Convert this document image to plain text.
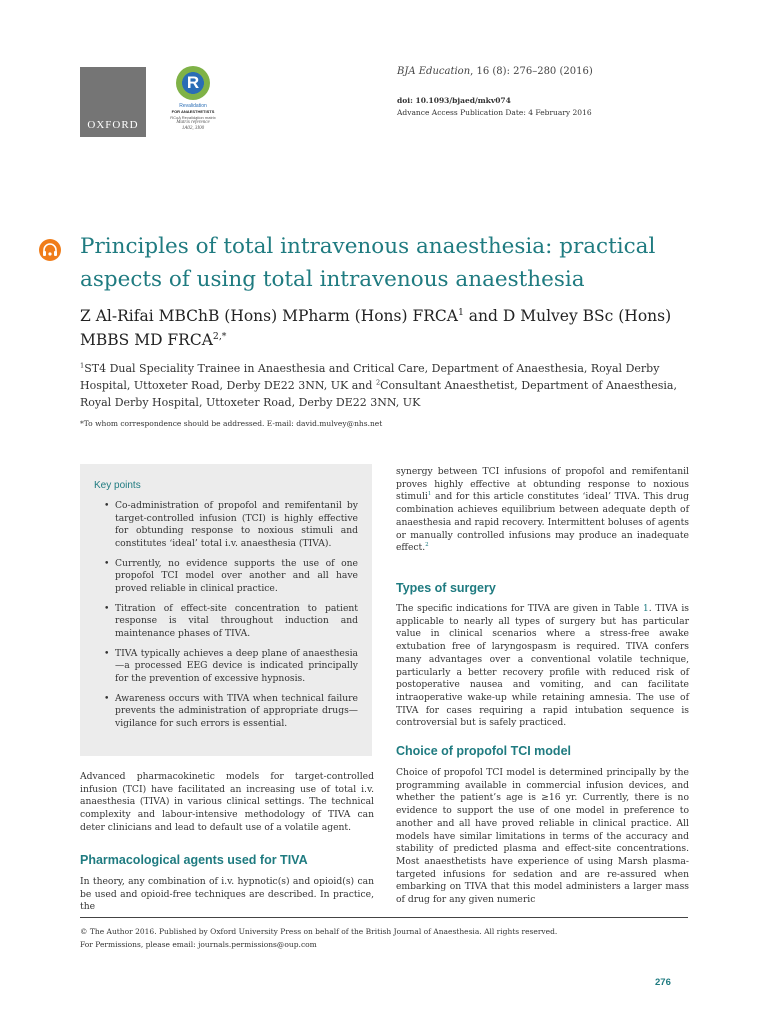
OXFORD
R
Revalidation
FOR ANAESTHETISTS
RCoA Revalidation matrix
Matrix reference
1A02, 3I00
BJA Education, 16 (8): 276–280 (2016)
doi: 10.1093/bjaed/mkv074
Advance Access Publication Date: 4 February 2016
Principles of total intravenous anaesthesia: practical aspects of using total intravenous anaesthesia
Z Al-Rifai MBChB (Hons) MPharm (Hons) FRCA$^1$ and D Mulvey BSc (Hons) MBBS MD $FRCA^{2,*}$
$^1$ST4 Dual Speciality Trainee in Anaesthesia and Critical Care, Department of Anaesthesia, Royal Derby Hospital, Uttoxeter Road, Derby DE22 3NN, UK and $^2$Consultant Anaesthetist, Department of Anaesthesia, Royal Derby Hospital, Uttoxeter Road, Derby DE22 3NN, UK
*To whom correspondence should be addressed. E-mail: david.mulvey@nhs.net
Key points
• Co-administration of propofol and remifentanil by target-controlled infusion (TCI) is highly effective for obtunding response to noxious stimuli and constitutes ‘ideal’ total i.v. anaesthesia (TIVA).
• Currently, no evidence supports the use of one propofol TCI model over another and all have proved reliable in clinical practice.
• Titration of effect-site concentration to patient response is vital throughout induction and maintenance phases of TIVA.
• TIVA typically achieves a deep plane of anaesthesia—a processed EEG device is indicated principally for the prevention of excessive hypnosis.
• Awareness occurs with TIVA when technical failure prevents the administration of appropriate drugs—vigilance for such errors is essential.

Advanced pharmacokinetic models for target-controlled infusion (TCI) have facilitated an increasing use of total i.v. anaesthesia (TIVA) in various clinical settings. The technical complexity and labour-intensive methodology of TIVA can deter clinicians and lead to default use of a volatile agent.

Pharmacological agents used for TIVA

In theory, any combination of i.v. hypnotic(s) and opioid(s) can be used and opioid-free techniques are described. In practice, the

synergy between TCI infusions of propofol and remifentanil proves highly effective at obtunding response to noxious stimuli$^1$ and for this article constitutes ‘ideal’ TIVA. This drug combination achieves equilibrium between adequate depth of anaesthesia and rapid recovery. Intermittent boluses of agents or manually controlled infusions may produce an inadequate effect.$^2$

Types of surgery

The specific indications for TIVA are given in Table 1. TIVA is applicable to nearly all types of surgery but has particular value in clinical scenarios where a stress-free awake extubation free of laryngospasm is required. TIVA confers many advantages over a conventional volatile technique, particularly a better recovery profile with reduced risk of postoperative nausea and vomiting, and can facilitate intraoperative wake-up while retaining amnesia. The use of TIVA for cases requiring a rapid intubation sequence is controversial but is safely practiced.

Choice of propofol TCI model

Choice of propofol TCI model is determined principally by the programming available in commercial infusion devices, and whether the patient’s age is ≥16 yr. Currently, there is no evidence to support the use of one model in preference to another and all have proved reliable in clinical practice. All models have similar limitations in terms of the accuracy and stability of predicted plasma and effect-site concentrations. Most anaesthetists have experience of using Marsh plasma-targeted infusions for sedation and are re-assured when embarking on TIVA that this model administers a larger mass of drug for any given numeric

© The Author 2016. Published by Oxford University Press on behalf of the British Journal of Anaesthesia. All rights reserved.
For Permissions, please email: journals.permissions@oup.com
276
